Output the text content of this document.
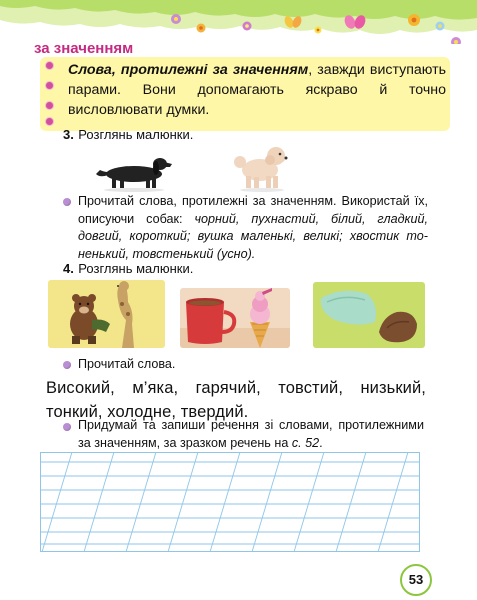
за значенням
Слова, протилежні за значенням, завжди виступають парами. Вони допомагають яскраво й точно висловлювати думки.
3. Розглянь малюнки.
Прочитай слова, протилежні за значенням. Використай їх, описуючи собак: чорний, пухнастий, білий, гладкий, довгий, короткий; вушка маленькі, великі; хвостик тоненький, товстенький (усно).
4. Розглянь малюнки.
Прочитай слова.
Високий, м’яка, гарячий, товстий, низький, тонкий, холодне, твердий.
Придумай та запиши речення зі словами, протилежними за значенням, за зразком речень на с. 52.
53
